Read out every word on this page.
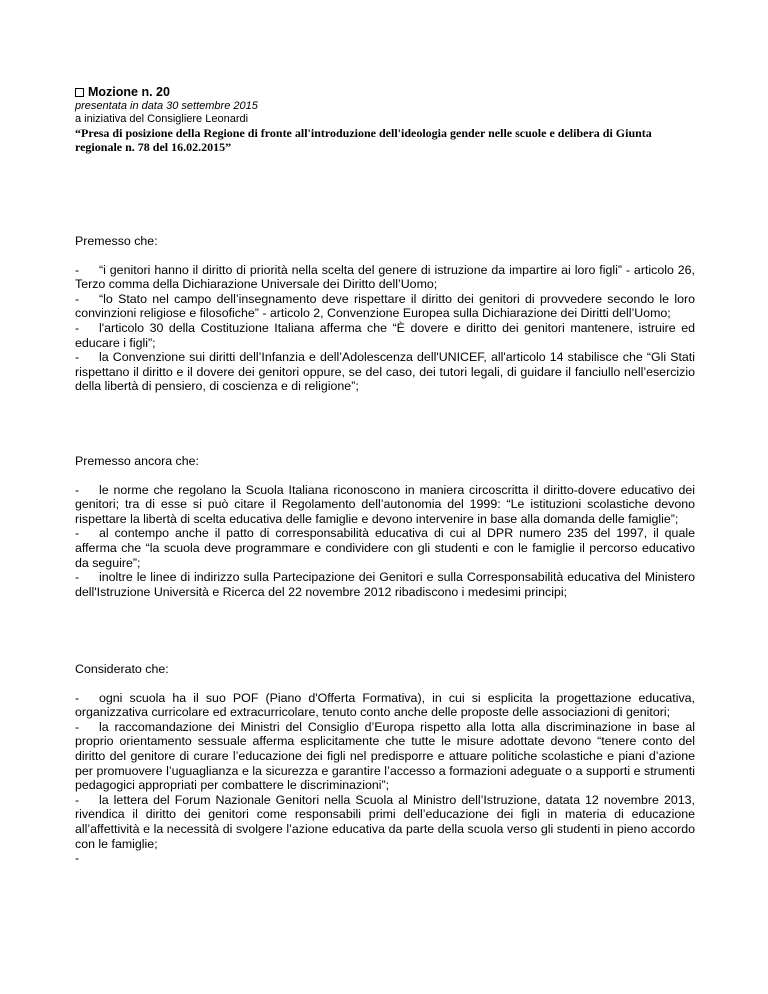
Mozione n. 20
presentata in data 30 settembre 2015
a iniziativa del Consigliere Leonardi
“Presa di posizione della Regione di fronte all'introduzione dell'ideologia gender nelle scuole e delibera di Giunta regionale n. 78 del 16.02.2015”

Premesso che:

- “i genitori hanno il diritto di priorità nella scelta del genere di istruzione da impartire ai loro figli” - articolo 26, Terzo comma della Dichiarazione Universale dei Diritto dell’Uomo;

- “lo Stato nel campo dell’insegnamento deve rispettare il diritto dei genitori di provvedere secondo le loro convinzioni religiose e filosofiche” - articolo 2, Convenzione Europea sulla Dichiarazione dei Diritti dell’Uomo;

- l'articolo 30 della Costituzione Italiana afferma che “È dovere e diritto dei genitori mantenere, istruire ed educare i figli”;

- la Convenzione sui diritti dell’Infanzia e dell’Adolescenza dell'UNICEF, all'articolo 14 stabilisce che “Gli Stati rispettano il diritto e il dovere dei genitori oppure, se del caso, dei tutori legali, di guidare il fanciullo nell’esercizio della libertà di pensiero, di coscienza e di religione”;

Premesso ancora che:

- le norme che regolano la Scuola Italiana riconoscono in maniera circoscritta il diritto-dovere educativo dei genitori; tra di esse si può citare il Regolamento dell’autonomia del 1999: “Le istituzioni scolastiche devono rispettare la libertà di scelta educativa delle famiglie e devono intervenire in base alla domanda delle famiglie”;

- al contempo anche il patto di corresponsabilità educativa di cui al DPR numero 235 del 1997, il quale afferma che “la scuola deve programmare e condividere con gli studenti e con le famiglie il percorso educativo da seguire”;

- inoltre le linee di indirizzo sulla Partecipazione dei Genitori e sulla Corresponsabilità educativa del Ministero dell'Istruzione Università e Ricerca del 22 novembre 2012 ribadiscono i medesimi principi;

Considerato che:

- ogni scuola ha il suo POF (Piano d'Offerta Formativa), in cui si esplicita la progettazione educativa, organizzativa curricolare ed extracurricolare, tenuto conto anche delle proposte delle associazioni di genitori;

- la raccomandazione dei Ministri del Consiglio d’Europa rispetto alla lotta alla discriminazione in base al proprio orientamento sessuale afferma esplicitamente che tutte le misure adottate devono “tenere conto del diritto del genitore di curare l’educazione dei figli nel predisporre e attuare politiche scolastiche e piani d’azione per promuovere l’uguaglianza e la sicurezza e garantire l’accesso a formazioni adeguate o a supporti e strumenti pedagogici appropriati per combattere le discriminazioni”;

- la lettera del Forum Nazionale Genitori nella Scuola al Ministro dell’Istruzione, datata 12 novembre 2013, rivendica il diritto dei genitori come responsabili primi dell’educazione dei figli in materia di educazione all’affettività e la necessità di svolgere l’azione educativa da parte della scuola verso gli studenti in pieno accordo con le famiglie;

-
